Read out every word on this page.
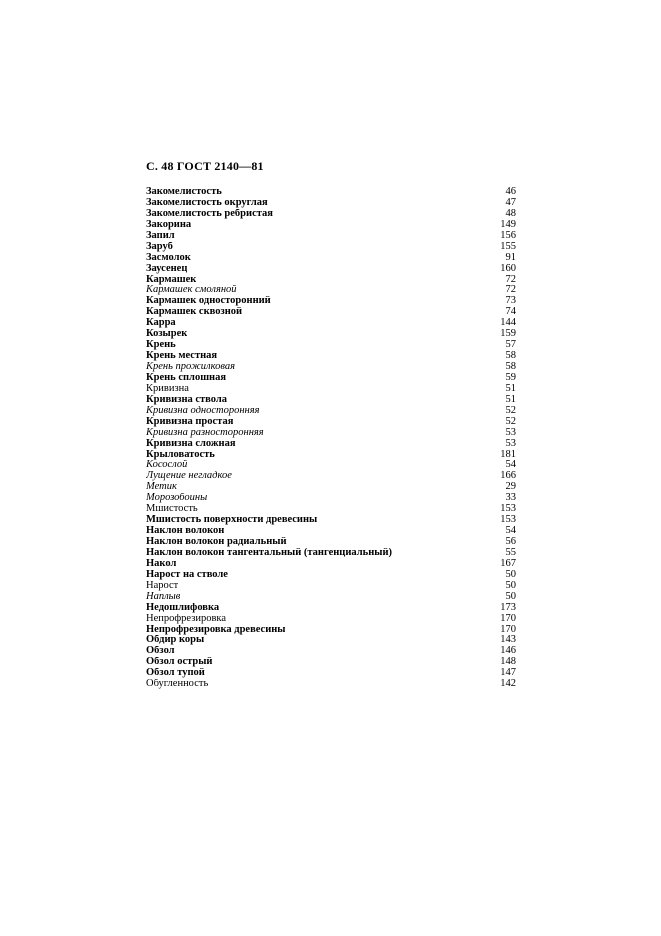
С. 48 ГОСТ 2140—81
Закомелистость	46
Закомелистость округлая	47
Закомелистость ребристая	48
Закорина	149
Запил	156
Заруб	155
Засмолок	91
Заусенец	160
Кармашек	72
Кармашек смоляной	72
Кармашек односторонний	73
Кармашек сквозной	74
Карра	144
Козырек	159
Крень	57
Крень местная	58
Крень прожилковая	58
Крень сплошная	59
Кривизна	51
Кривизна ствола	51
Кривизна односторонняя	52
Кривизна простая	52
Кривизна разносторонняя	53
Кривизна сложная	53
Крыловатость	181
Косослой	54
Лущение негладкое	166
Метик	29
Морозобоины	33
Мшистость	153
Мшистость поверхности древесины	153
Наклон волокон	54
Наклон волокон радиальный	56
Наклон волокон тангентальный (тангенциальный)	55
Накол	167
Нарост на стволе	50
Нарост	50
Наплыв	50
Недошлифовка	173
Непрофрезировка	170
Непрофрезировка древесины	170
Обдир коры	143
Обзол	146
Обзол острый	148
Обзол тупой	147
Обугленность	142
